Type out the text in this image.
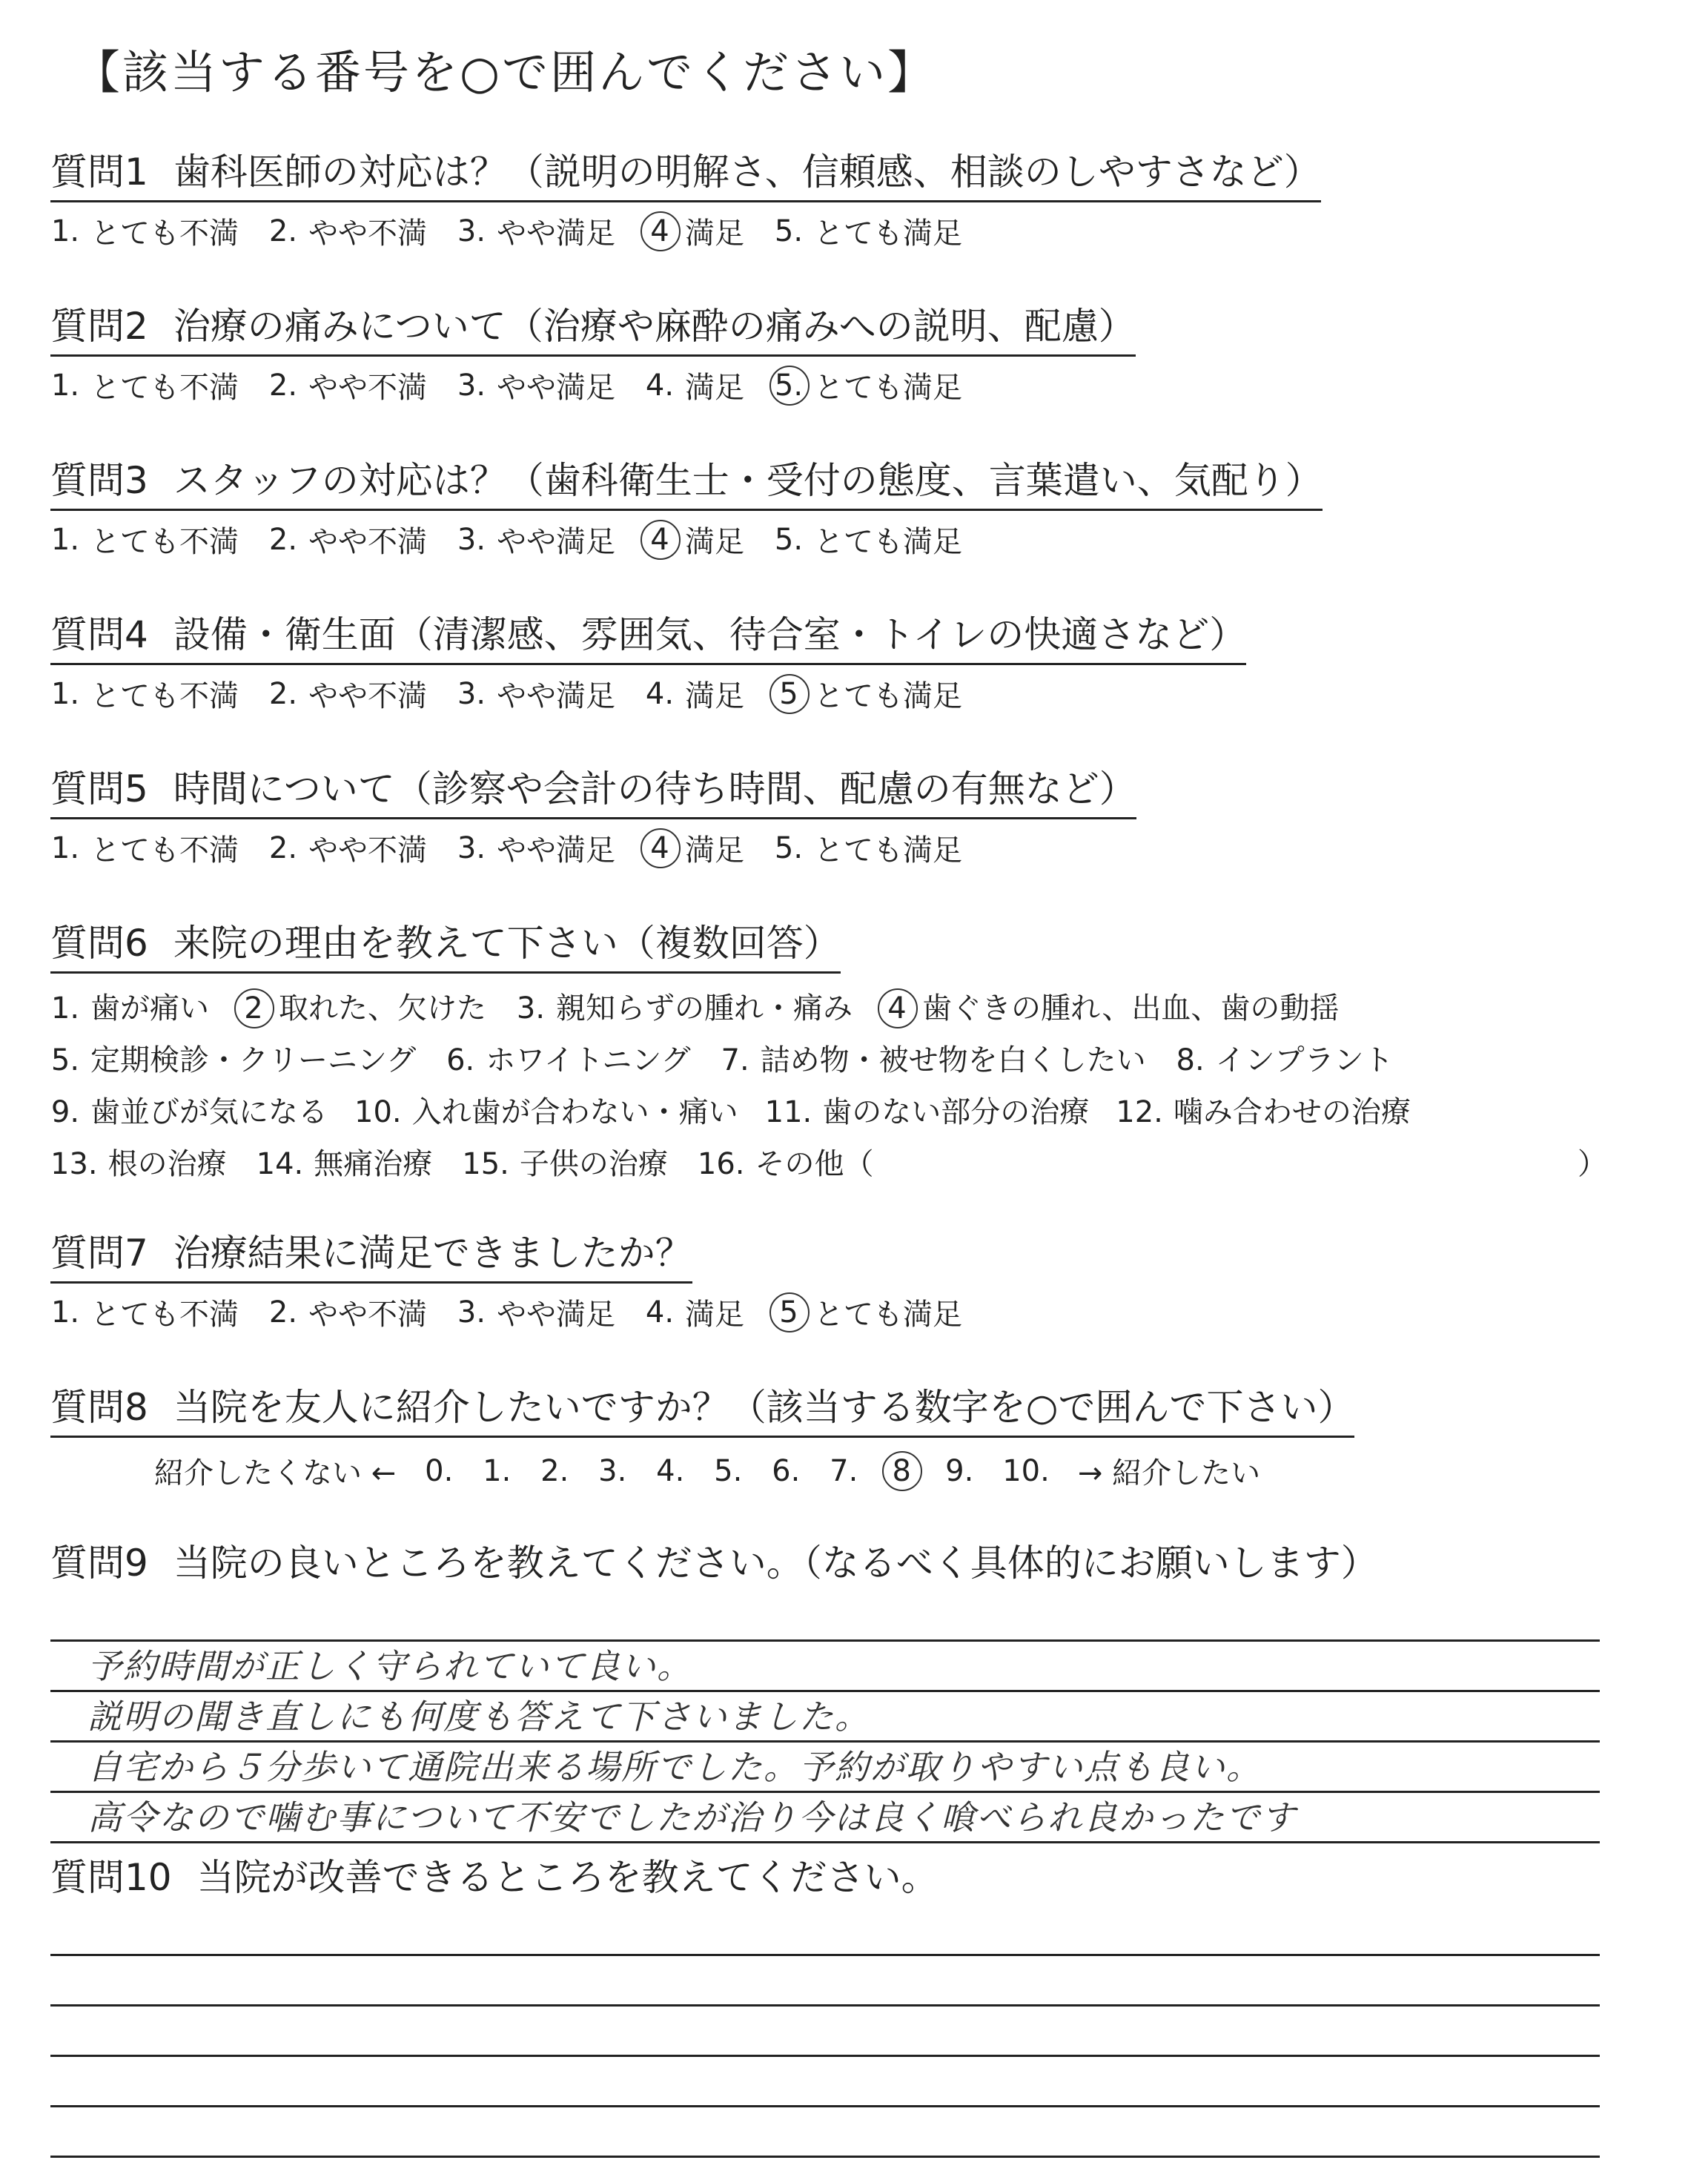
【該当する番号を○で囲んでください】
質問1 歯科医師の対応は？（説明の明解さ、信頼感、相談のしやすさなど）
1. とても不満 2. やや不満 3. やや満足 4 満足 5. とても満足
質問2 治療の痛みについて（治療や麻酔の痛みへの説明、配慮）
1. とても不満 2. やや不満 3. やや満足 4. 満足 5. とても満足
質問3 スタッフの対応は？（歯科衛生士・受付の態度、言葉遣い、気配り）
1. とても不満 2. やや不満 3. やや満足 4 満足 5. とても満足
質問4 設備・衛生面（清潔感、雰囲気、待合室・トイレの快適さなど）
1. とても不満 2. やや不満 3. やや満足 4. 満足 5 とても満足
質問5 時間について（診察や会計の待ち時間、配慮の有無など）
1. とても不満 2. やや不満 3. やや満足 4 満足 5. とても満足
質問6 来院の理由を教えて下さい（複数回答）
1. 歯が痛い 2 取れた、欠けた 3. 親知らずの腫れ・痛み 4 歯ぐきの腫れ、出血、歯の動揺
5. 定期検診・クリーニング 6. ホワイトニング 7. 詰め物・被せ物を白くしたい 8. インプラント
9. 歯並びが気になる 10. 入れ歯が合わない・痛い 11. 歯のない部分の治療 12. 噛み合わせの治療
13. 根の治療 14. 無痛治療 15. 子供の治療 16. その他（	）
質問7 治療結果に満足できましたか？
1. とても不満 2. やや不満 3. やや満足 4. 満足 5 とても満足
質問8 当院を友人に紹介したいですか？（該当する数字を○で囲んで下さい）
紹介したくない ← 0. 1. 2. 3. 4. 5. 6. 7. 8 9. 10. → 紹介したい
質問9 当院の良いところを教えてください。（なるべく具体的にお願いします）
予約時間が正しく守られていて良い。
説明の聞き直しにも何度も答えて下さいました。
自宅から５分歩いて通院出来る場所でした。予約が取りやすい点も良い。
高令なので噛む事について不安でしたが治り今は良く喰べられ良かったです
質問10 当院が改善できるところを教えてください。
